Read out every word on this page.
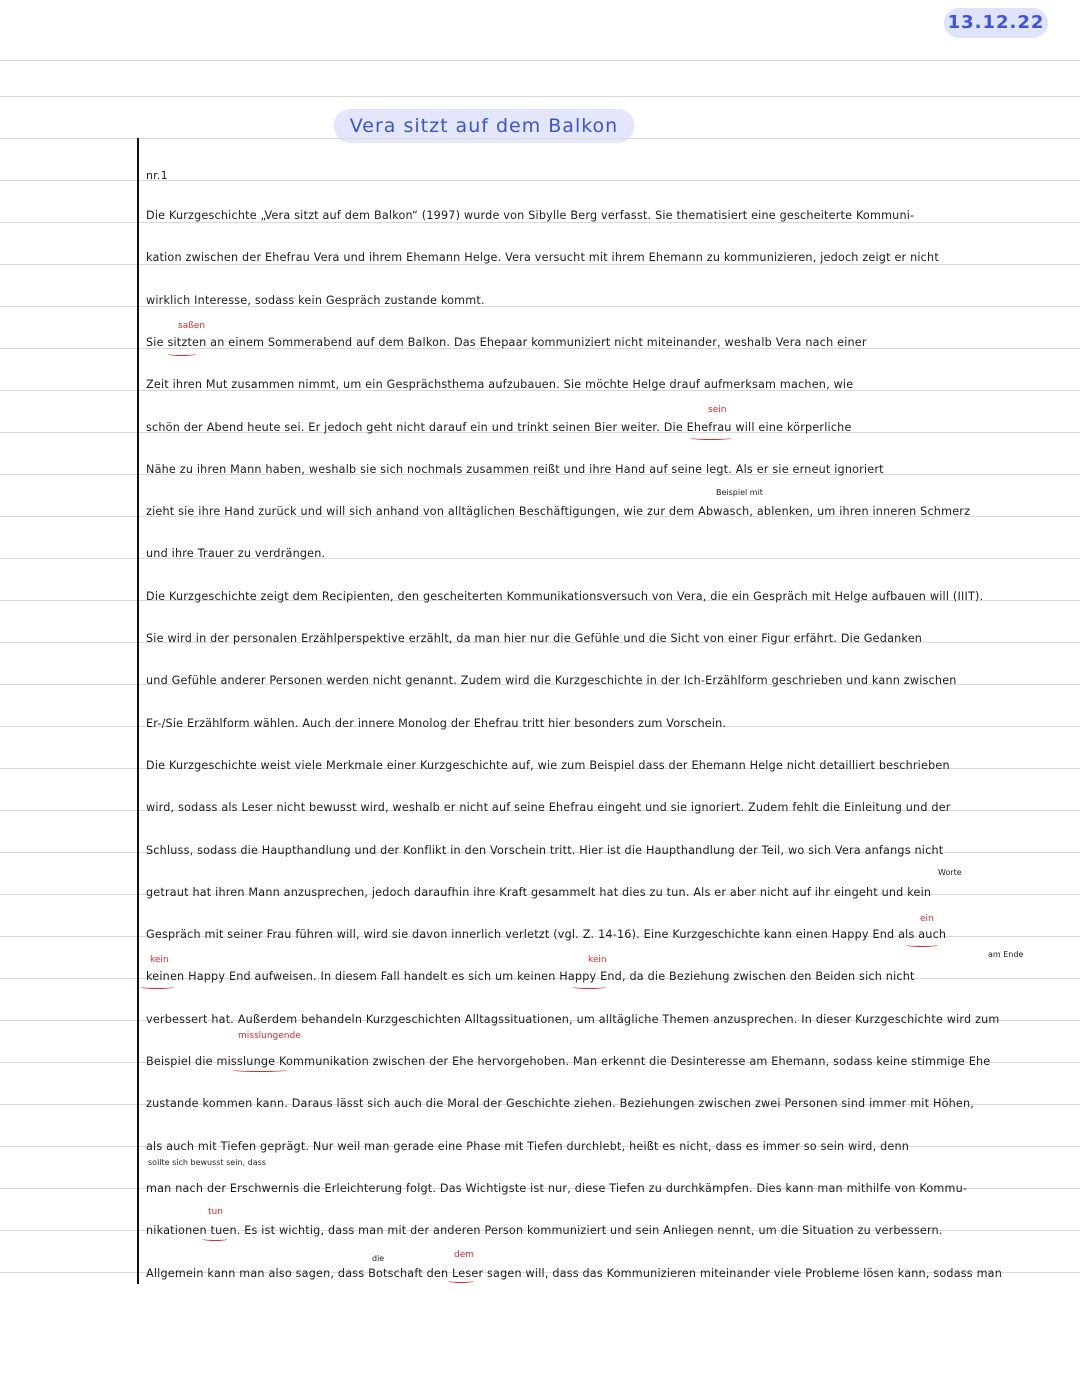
13.12.22
Vera sitzt auf dem Balkon
nr.1
Die Kurzgeschichte „Vera sitzt auf dem Balkon“ (1997) wurde von Sibylle Berg verfasst. Sie thematisiert eine gescheiterte Kommuni-
kation zwischen der Ehefrau Vera und ihrem Ehemann Helge. Vera versucht mit ihrem Ehemann zu kommunizieren, jedoch zeigt er nicht
wirklich Interesse, sodass kein Gespräch zustande kommt.
Sie sitzten an einem Sommerabend auf dem Balkon. Das Ehepaar kommuniziert nicht miteinander, weshalb Vera nach einer
Zeit ihren Mut zusammen nimmt, um ein Gesprächsthema aufzubauen. Sie möchte Helge drauf aufmerksam machen, wie
schön der Abend heute sei. Er jedoch geht nicht darauf ein und trinkt seinen Bier weiter. Die Ehefrau will eine körperliche
Nähe zu ihren Mann haben, weshalb sie sich nochmals zusammen reißt und ihre Hand auf seine legt. Als er sie erneut ignoriert
zieht sie ihre Hand zurück und will sich anhand von alltäglichen Beschäftigungen, wie zur dem Abwasch, ablenken, um ihren inneren Schmerz
und ihre Trauer zu verdrängen.
Die Kurzgeschichte zeigt dem Recipienten, den gescheiterten Kommunikationsversuch von Vera, die ein Gespräch mit Helge aufbauen will (IIIT).
Sie wird in der personalen Erzählperspektive erzählt, da man hier nur die Gefühle und die Sicht von einer Figur erfährt. Die Gedanken
und Gefühle anderer Personen werden nicht genannt. Zudem wird die Kurzgeschichte in der Ich-Erzählform geschrieben und kann zwischen
Er-/Sie Erzählform wählen. Auch der innere Monolog der Ehefrau tritt hier besonders zum Vorschein.
Die Kurzgeschichte weist viele Merkmale einer Kurzgeschichte auf, wie zum Beispiel dass der Ehemann Helge nicht detailliert beschrieben
wird, sodass als Leser nicht bewusst wird, weshalb er nicht auf seine Ehefrau eingeht und sie ignoriert. Zudem fehlt die Einleitung und der
Schluss, sodass die Haupthandlung und der Konflikt in den Vorschein tritt. Hier ist die Haupthandlung der Teil, wo sich Vera anfangs nicht
getraut hat ihren Mann anzusprechen, jedoch daraufhin ihre Kraft gesammelt hat dies zu tun. Als er aber nicht auf ihr eingeht und kein
Gespräch mit seiner Frau führen will, wird sie davon innerlich verletzt (vgl. Z. 14-16). Eine Kurzgeschichte kann einen Happy End als auch
keinen Happy End aufweisen. In diesem Fall handelt es sich um keinen Happy End, da die Beziehung zwischen den Beiden sich nicht
verbessert hat. Außerdem behandeln Kurzgeschichten Alltagssituationen, um alltägliche Themen anzusprechen. In dieser Kurzgeschichte wird zum
Beispiel die misslunge Kommunikation zwischen der Ehe hervorgehoben. Man erkennt die Desinteresse am Ehemann, sodass keine stimmige Ehe
zustande kommen kann. Daraus lässt sich auch die Moral der Geschichte ziehen. Beziehungen zwischen zwei Personen sind immer mit Höhen,
als auch mit Tiefen geprägt. Nur weil man gerade eine Phase mit Tiefen durchlebt, heißt es nicht, dass es immer so sein wird, denn
man nach der Erschwernis die Erleichterung folgt. Das Wichtigste ist nur, diese Tiefen zu durchkämpfen. Dies kann man mithilfe von Kommu-
nikationen tuen. Es ist wichtig, dass man mit der anderen Person kommuniziert und sein Anliegen nennt, um die Situation zu verbessern.
Allgemein kann man also sagen, dass Botschaft den Leser sagen will, dass das Kommunizieren miteinander viele Probleme lösen kann, sodass man
saßen
sein
Beispiel mit
Worte
ein
kein	kein
am Ende
misslungende
sollte sich bewusst sein, dass
tun
die	dem
